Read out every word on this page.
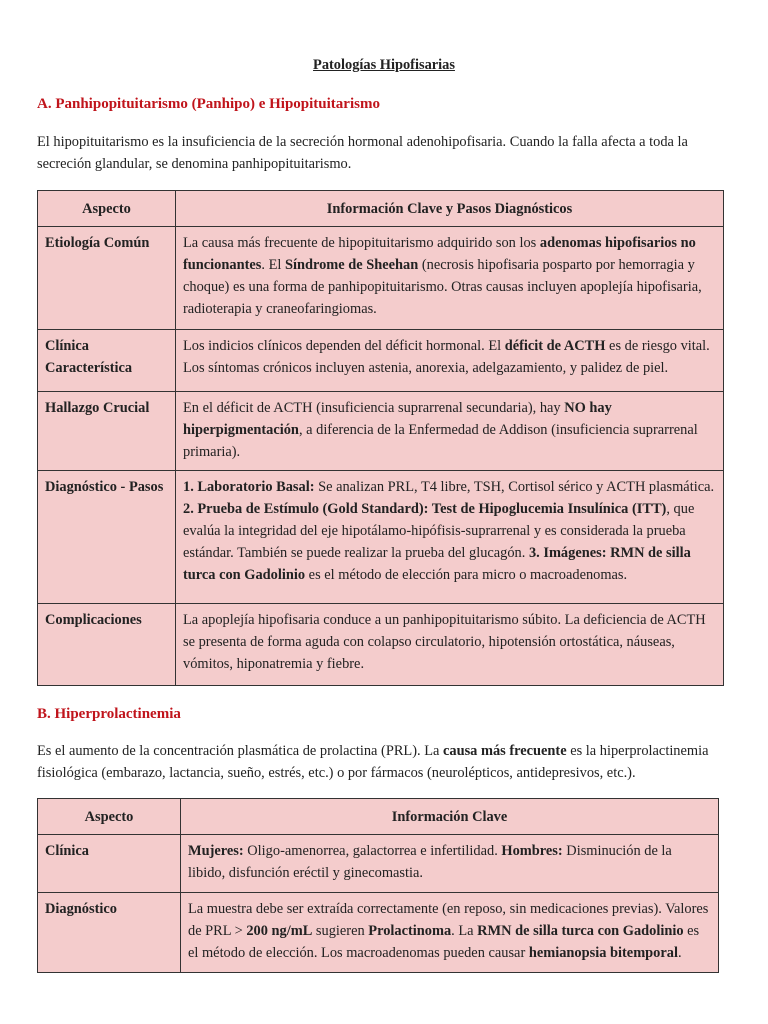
Patologías Hipofisarias
A. Panhipopituitarismo (Panhipo) e Hipopituitarismo
El hipopituitarismo es la insuficiencia de la secreción hormonal adenohipofisaria. Cuando la falla afecta a toda la secreción glandular, se denomina panhipopituitarismo.
Aspecto	Información Clave y Pasos Diagnósticos
Etiología Común	La causa más frecuente de hipopituitarismo adquirido son los adenomas hipofisarios no funcionantes. El Síndrome de Sheehan (necrosis hipofisaria posparto por hemorragia y choque) es una forma de panhipopituitarismo. Otras causas incluyen apoplejía hipofisaria, radioterapia y craneofaringiomas.
Clínica Característica	Los indicios clínicos dependen del déficit hormonal. El déficit de ACTH es de riesgo vital. Los síntomas crónicos incluyen astenia, anorexia, adelgazamiento, y palidez de piel.
Hallazgo Crucial	En el déficit de ACTH (insuficiencia suprarrenal secundaria), hay NO hay hiperpigmentación, a diferencia de la Enfermedad de Addison (insuficiencia suprarrenal primaria).
Diagnóstico - Pasos	1. Laboratorio Basal: Se analizan PRL, T4 libre, TSH, Cortisol sérico y ACTH plasmática. 2. Prueba de Estímulo (Gold Standard): Test de Hipoglucemia Insulínica (ITT), que evalúa la integridad del eje hipotálamo-hipófisis-suprarrenal y es considerada la prueba estándar. También se puede realizar la prueba del glucagón. 3. Imágenes: RMN de silla turca con Gadolinio es el método de elección para micro o macroadenomas.
Complicaciones	La apoplejía hipofisaria conduce a un panhipopituitarismo súbito. La deficiencia de ACTH se presenta de forma aguda con colapso circulatorio, hipotensión ortostática, náuseas, vómitos, hiponatremia y fiebre.
B. Hiperprolactinemia
Es el aumento de la concentración plasmática de prolactina (PRL). La causa más frecuente es la hiperprolactinemia fisiológica (embarazo, lactancia, sueño, estrés, etc.) o por fármacos (neurolépticos, antidepresivos, etc.).
Aspecto	Información Clave
Clínica	Mujeres: Oligo-amenorrea, galactorrea e infertilidad. Hombres: Disminución de la libido, disfunción eréctil y ginecomastia.
Diagnóstico	La muestra debe ser extraída correctamente (en reposo, sin medicaciones previas). Valores de PRL > 200 ng/mL sugieren Prolactinoma. La RMN de silla turca con Gadolinio es el método de elección. Los macroadenomas pueden causar hemianopsia bitemporal.
